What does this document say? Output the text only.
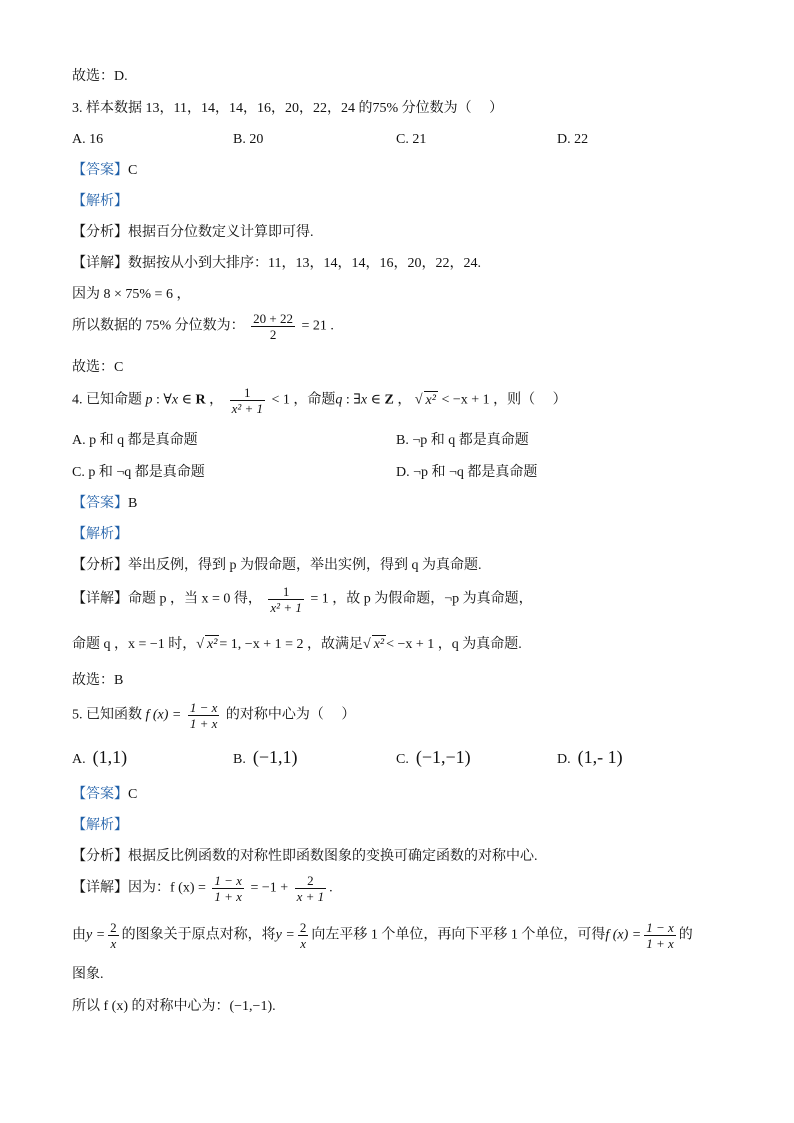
故选：D.
3. 样本数据 13，11，14，14，16，20，22，24 的75% 分位数为（　 ）
A. 16	B. 20	C. 21	D. 22
【答案】C
【解析】
【分析】根据百分位数定义计算即可得.
【详解】数据按从小到大排序：11，13，14，14，16，20，22，24.
因为 8 × 75% = 6 ，
所以数据的 75% 分位数为： $\frac{20 + 22}{2} = 21$ .
故选：C
4. 已知命题 p : ∀x ∈ R ， $\frac{1}{\text{x² + 1}} < 1$ ，命题q : ∃x ∈ Z ， √ x² < −x + 1 ，则（　 ）
A. p 和 q 都是真命题	B. ¬p 和 q 都是真命题
C. p 和 ¬q 都是真命题	D. ¬p 和 ¬q 都是真命题
【答案】B
【解析】
【分析】举出反例，得到 p 为假命题，举出实例，得到 q 为真命题.
【详解】命题 p ，当 x = 0 得， $\frac{1}{\text{x² + 1}} = 1$ ，故 p 为假命题，¬p 为真命题，
命题 q ，x = −1 时，√ x² = 1, −x + 1 = 2 ，故满足√ x² < −x + 1 ，q 为真命题.
故选：B
5. 已知函数 f $(x) = \frac{1 - x}{1 + x}$ 的对称中心为（　 ）
A. (1,1)	B. (−1,1)	C. (−1,−1)	D. (1,- 1)
【答案】C
【解析】
【分析】根据反比例函数的对称性即函数图象的变换可确定函数的对称中心.
【详解】因为：f $(x) = \frac{1 - x}{1 + x} = -1 + \frac{2}{x + 1}$ .
由$y = \frac{2}{x}$ 的图象关于原点对称，将$y = \frac{2}{x}$ 向左平移 1 个单位，再向下平移 1 个单位，可得f $(x) = \frac{1 - x}{1 + x}$ 的
图象.
所以 f (x) 的对称中心为：(−1,−1).
